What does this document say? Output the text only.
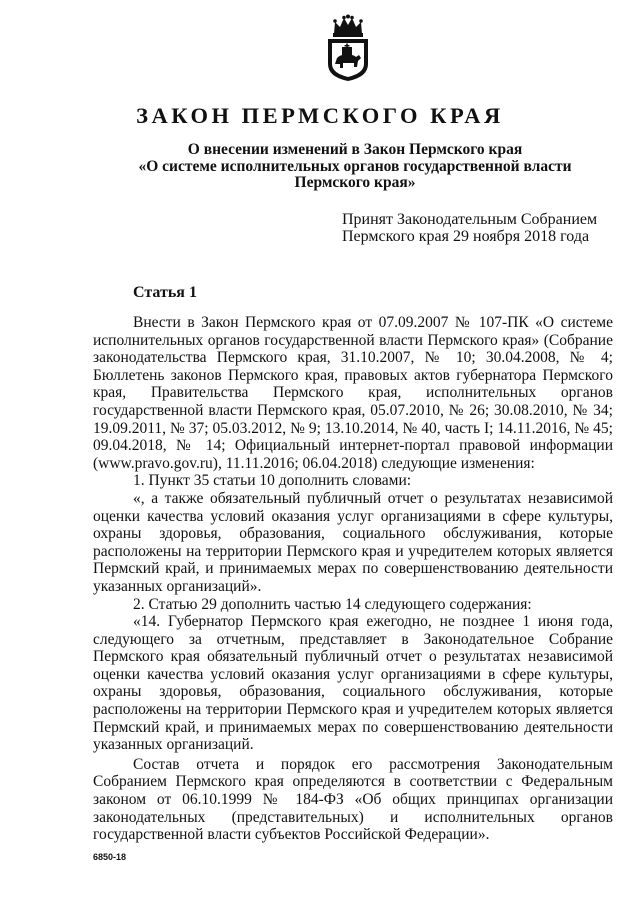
ЗАКОН ПЕРМСКОГО КРАЯ
О внесении изменений в Закон Пермского края
«О системе исполнительных органов государственной власти
Пермского края»
Принят Законодательным Собранием
Пермского края 29 ноября 2018 года
Статья 1

Внести в Закон Пермского края от 07.09.2007 № 107-ПК «О системе исполнительных органов государственной власти Пермского края» (Собрание законодательства Пермского края, 31.10.2007, № 10; 30.04.2008, № 4; Бюллетень законов Пермского края, правовых актов губернатора Пермского края, Правительства Пермского края, исполнительных органов государственной власти Пермского края, 05.07.2010, № 26; 30.08.2010, № 34; 19.09.2011, № 37; 05.03.2012, № 9; 13.10.2014, № 40, часть I; 14.11.2016, № 45; 09.04.2018, № 14; Официальный интернет-портал правовой информации (www.pravo.gov.ru), 11.11.2016; 06.04.2018) следующие изменения:

1. Пункт 35 статьи 10 дополнить словами:

«, а также обязательный публичный отчет о результатах независимой оценки качества условий оказания услуг организациями в сфере культуры, охраны здоровья, образования, социального обслуживания, которые расположены на территории Пермского края и учредителем которых является Пермский край, и принимаемых мерах по совершенствованию деятельности указанных организаций».

2. Статью 29 дополнить частью 14 следующего содержания:

«14. Губернатор Пермского края ежегодно, не позднее 1 июня года, следующего за отчетным, представляет в Законодательное Собрание Пермского края обязательный публичный отчет о результатах независимой оценки качества условий оказания услуг организациями в сфере культуры, охраны здоровья, образования, социального обслуживания, которые расположены на территории Пермского края и учредителем которых является Пермский край, и принимаемых мерах по совершенствованию деятельности указанных организаций.

Состав отчета и порядок его рассмотрения Законодательным Собранием Пермского края определяются в соответствии с Федеральным законом от 06.10.1999 № 184-ФЗ «Об общих принципах организации законодательных (представительных) и исполнительных органов государственной власти субъектов Российской Федерации».

6850-18
